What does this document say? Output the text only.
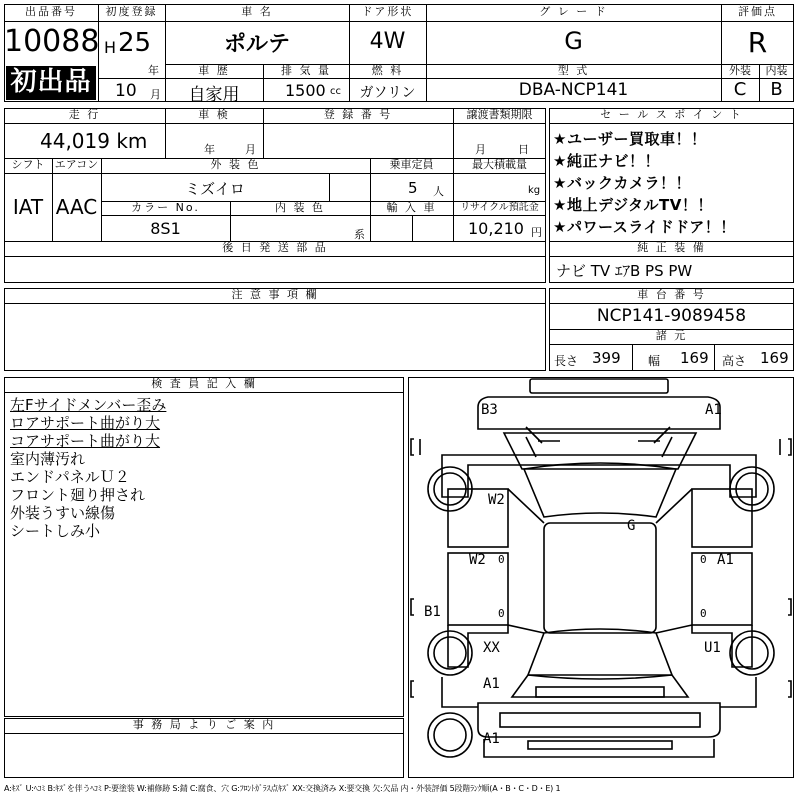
出品番号
10088
初出品
初度登録
H 25
年
10 月
車 名
ポルテ
ドア形状
4W
グ レ ー ド
G
評価点
R
車 歴
自家用
排 気 量
1500 cc
燃 料
ガソリン
型 式
DBA-NCP141
外装	内装
C	B
走 行
44,019 km
車 検
年	月
登 録 番 号	譲渡書類期限
月	日
シフト エアコン
IAT AAC
外 装 色
ミズイロ
乗車定員
5 人
最大積載量
kg
カラー No.
8S1
内 装 色
系
輸 入 車	リサイクル預託金
10,210 円
後 日 発 送 部 品
セ ー ル ス ポ イ ン ト
★ユーザー買取車！！
★純正ナビ！！
★バックカメラ！！
★地上デジタルTV！！
★パワースライドドア！！
純 正 装 備
ナビ TV ｴｱB PS PW
注 意 事 項 欄	車 台 番 号
NCP141-9089458
諸 元
長さ 399 幅 169 高さ 169
検 査 員 記 入 欄
左Fサイドメンバー歪み
ロアサポート曲がり大
コアサポート曲がり大
室内薄汚れ
エンドパネルＵ２
フロント廻り押され
外装うすい線傷
シートしみ小
事 務 局 よ り ご 案 内
B3	A1
W2
G
W2	A1
B1
XX	U1
A1
A1
0	0
0	0
A:ｷｽﾞ U:ﾍｺﾐ B:ｷｽﾞを伴うﾍｺﾐ P:要塗装 W:補修跡 S:錆 C:腐食、穴 G:ﾌﾛﾝﾄｶﾞﾗｽ点ｷｽﾞ XX:交換済み X:要交換 欠:欠品 内・外装評価 5段階ﾗﾝｸ順(A・B・C・D・E) 1
